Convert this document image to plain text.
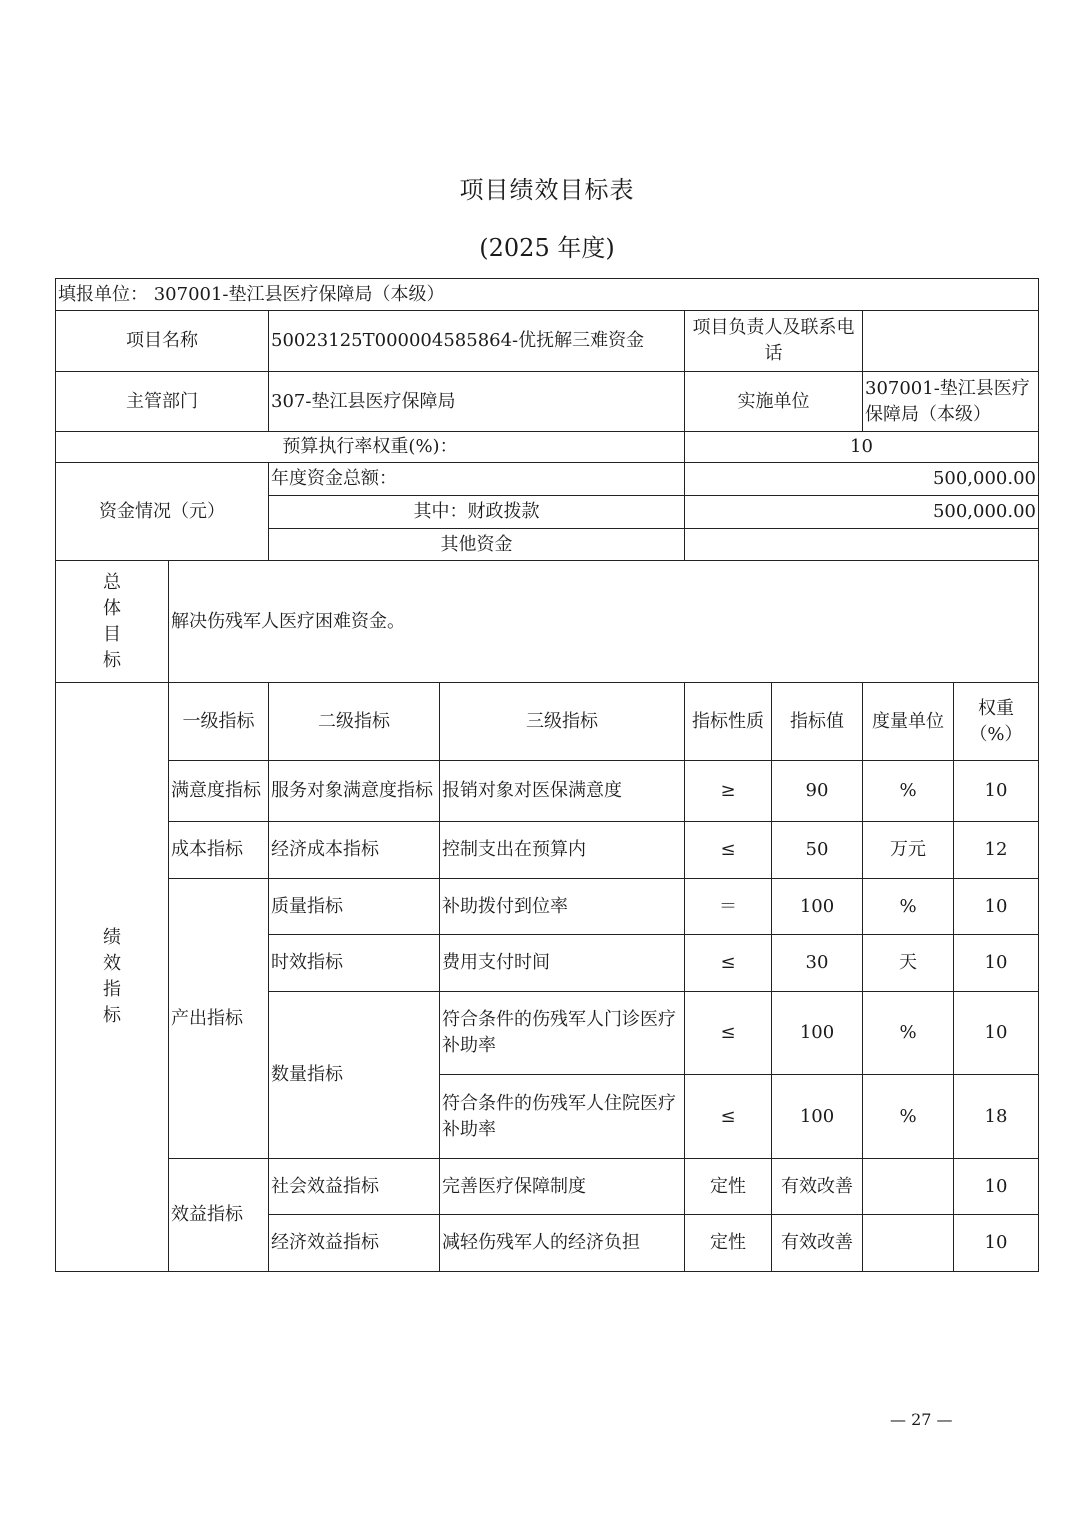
项目绩效目标表
(2025 年度)
填报单位： 307001-垫江县医疗保障局（本级）							
项目名称		50023125T000004585864-优抚解三难资金		项目负责人及联系电话			
主管部门		307-垫江县医疗保障局		实施单位		307001-垫江县医疗保障局（本级）	
预算执行率权重(%)：				10			
资金情况（元）		年度资金总额：		500,000.00			
		其中：财政拨款		500,000.00			
		其他资金					
总体目标	解决伤残军人医疗困难资金。						
绩效指标	一级指标	二级指标	三级指标	指标性质	指标值	度量单位	权重（%）
	满意度指标	服务对象满意度指标	报销对象对医保满意度	≥	90	%	10
	成本指标	经济成本指标	控制支出在预算内	≤	50	万元	12
	产出指标	质量指标	补助拨付到位率	＝	100	%	10
		时效指标	费用支付时间	≤	30	天	10
		数量指标	符合条件的伤残军人门诊医疗补助率	≤	100	%	10
			符合条件的伤残军人住院医疗补助率	≤	100	%	18
	效益指标	社会效益指标	完善医疗保障制度	定性	有效改善		10
		经济效益指标	减轻伤残军人的经济负担	定性	有效改善		10
— 27 —
